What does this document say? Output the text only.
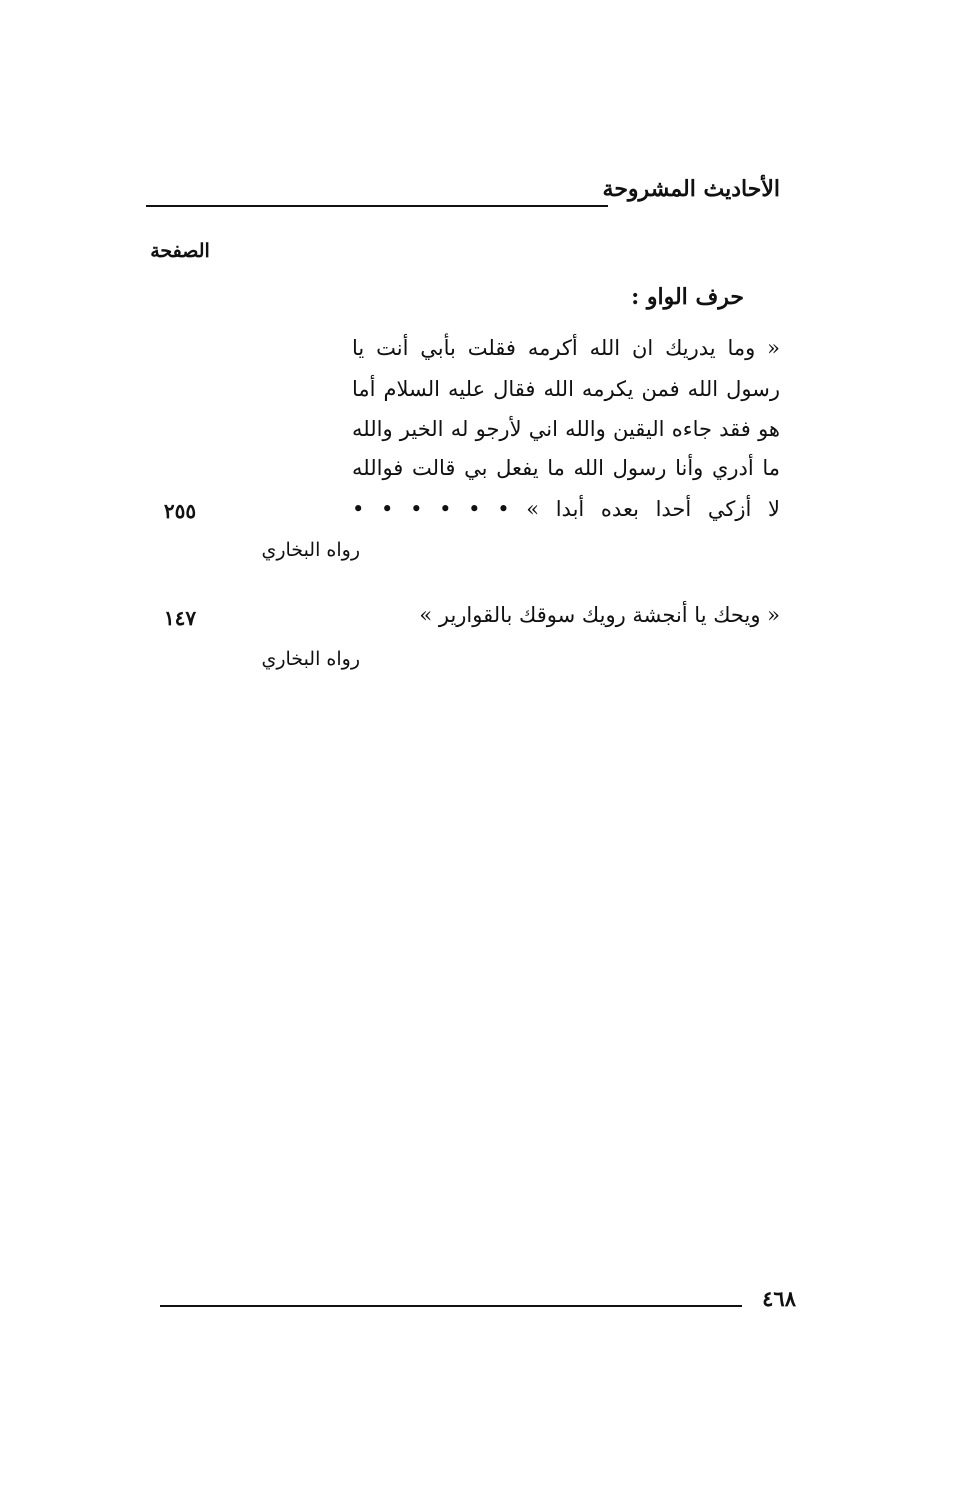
الأحاديث المشروحة
الصفحة
حرف الواو :
« وما يدريك ان الله أكرمه فقلت بأبي أنت يا
رسول الله فمن يكرمه الله فقال عليه السلام أما
هو فقد جاءه اليقين والله اني لأرجو له الخير والله
ما أدري وأنا رسول الله ما يفعل بي قالت فوالله
لا أزكي أحدا بعده أبدا » • • • • • •
٢٥٥
رواه البخاري
« ويحك يا أنجشة رويك سوقك بالقوارير »
١٤٧
رواه البخاري
٤٦٨
